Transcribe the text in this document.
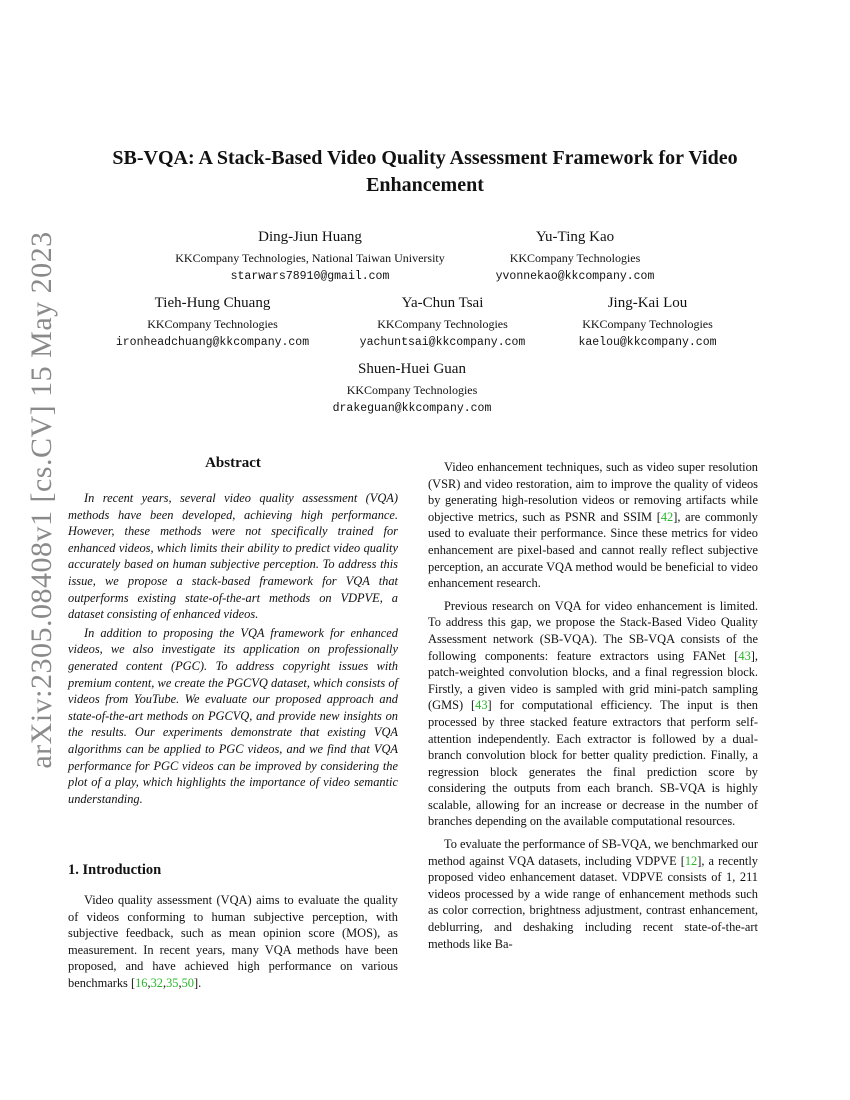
arXiv:2305.08408v1 [cs.CV] 15 May 2023
SB-VQA: A Stack-Based Video Quality Assessment Framework for Video Enhancement
Ding-Jiun Huang
KKCompany Technologies, National Taiwan University
starwars78910@gmail.com
Yu-Ting Kao
KKCompany Technologies
yvonnekao@kkcompany.com
Tieh-Hung Chuang
KKCompany Technologies
ironheadchuang@kkcompany.com
Ya-Chun Tsai
KKCompany Technologies
yachuntsai@kkcompany.com
Jing-Kai Lou
KKCompany Technologies
kaelou@kkcompany.com
Shuen-Huei Guan
KKCompany Technologies
drakeguan@kkcompany.com
Abstract

In recent years, several video quality assessment (VQA) methods have been developed, achieving high performance. However, these methods were not specifically trained for enhanced videos, which limits their ability to predict video quality accurately based on human subjective perception. To address this issue, we propose a stack-based framework for VQA that outperforms existing state-of-the-art methods on VDPVE, a dataset consisting of enhanced videos.

In addition to proposing the VQA framework for enhanced videos, we also investigate its application on professionally generated content (PGC). To address copyright issues with premium content, we create the PGCVQ dataset, which consists of videos from YouTube. We evaluate our proposed approach and state-of-the-art methods on PGCVQ, and provide new insights on the results. Our experiments demonstrate that existing VQA algorithms can be applied to PGC videos, and we find that VQA performance for PGC videos can be improved by considering the plot of a play, which highlights the importance of video semantic understanding.

1. Introduction

Video quality assessment (VQA) aims to evaluate the quality of videos conforming to human subjective perception, with subjective feedback, such as mean opinion score (MOS), as measurement. In recent years, many VQA methods have been proposed, and have achieved high performance on various benchmarks [16,32,35,50].

Video enhancement techniques, such as video super resolution (VSR) and video restoration, aim to improve the quality of videos by generating high-resolution videos or removing artifacts while objective metrics, such as PSNR and SSIM [42], are commonly used to evaluate their performance. Since these metrics for video enhancement are pixel-based and cannot really reflect subjective perception, an accurate VQA method would be beneficial to video enhancement research.

Previous research on VQA for video enhancement is limited. To address this gap, we propose the Stack-Based Video Quality Assessment network (SB-VQA). The SB-VQA consists of the following components: feature extractors using FANet [43], patch-weighted convolution blocks, and a final regression block. Firstly, a given video is sampled with grid mini-patch sampling (GMS) [43] for computational efficiency. The input is then processed by three stacked feature extractors that perform self-attention independently. Each extractor is followed by a dual-branch convolution block for better quality prediction. Finally, a regression block generates the final prediction score by considering the outputs from each branch. SB-VQA is highly scalable, allowing for an increase or decrease in the number of branches depending on the available computational resources.

To evaluate the performance of SB-VQA, we benchmarked our method against VQA datasets, including VDPVE [12], a recently proposed video enhancement dataset. VDPVE consists of 1, 211 videos processed by a wide range of enhancement methods such as color correction, brightness adjustment, contrast enhancement, deblurring, and deshaking including recent state-of-the-art methods like Ba-
